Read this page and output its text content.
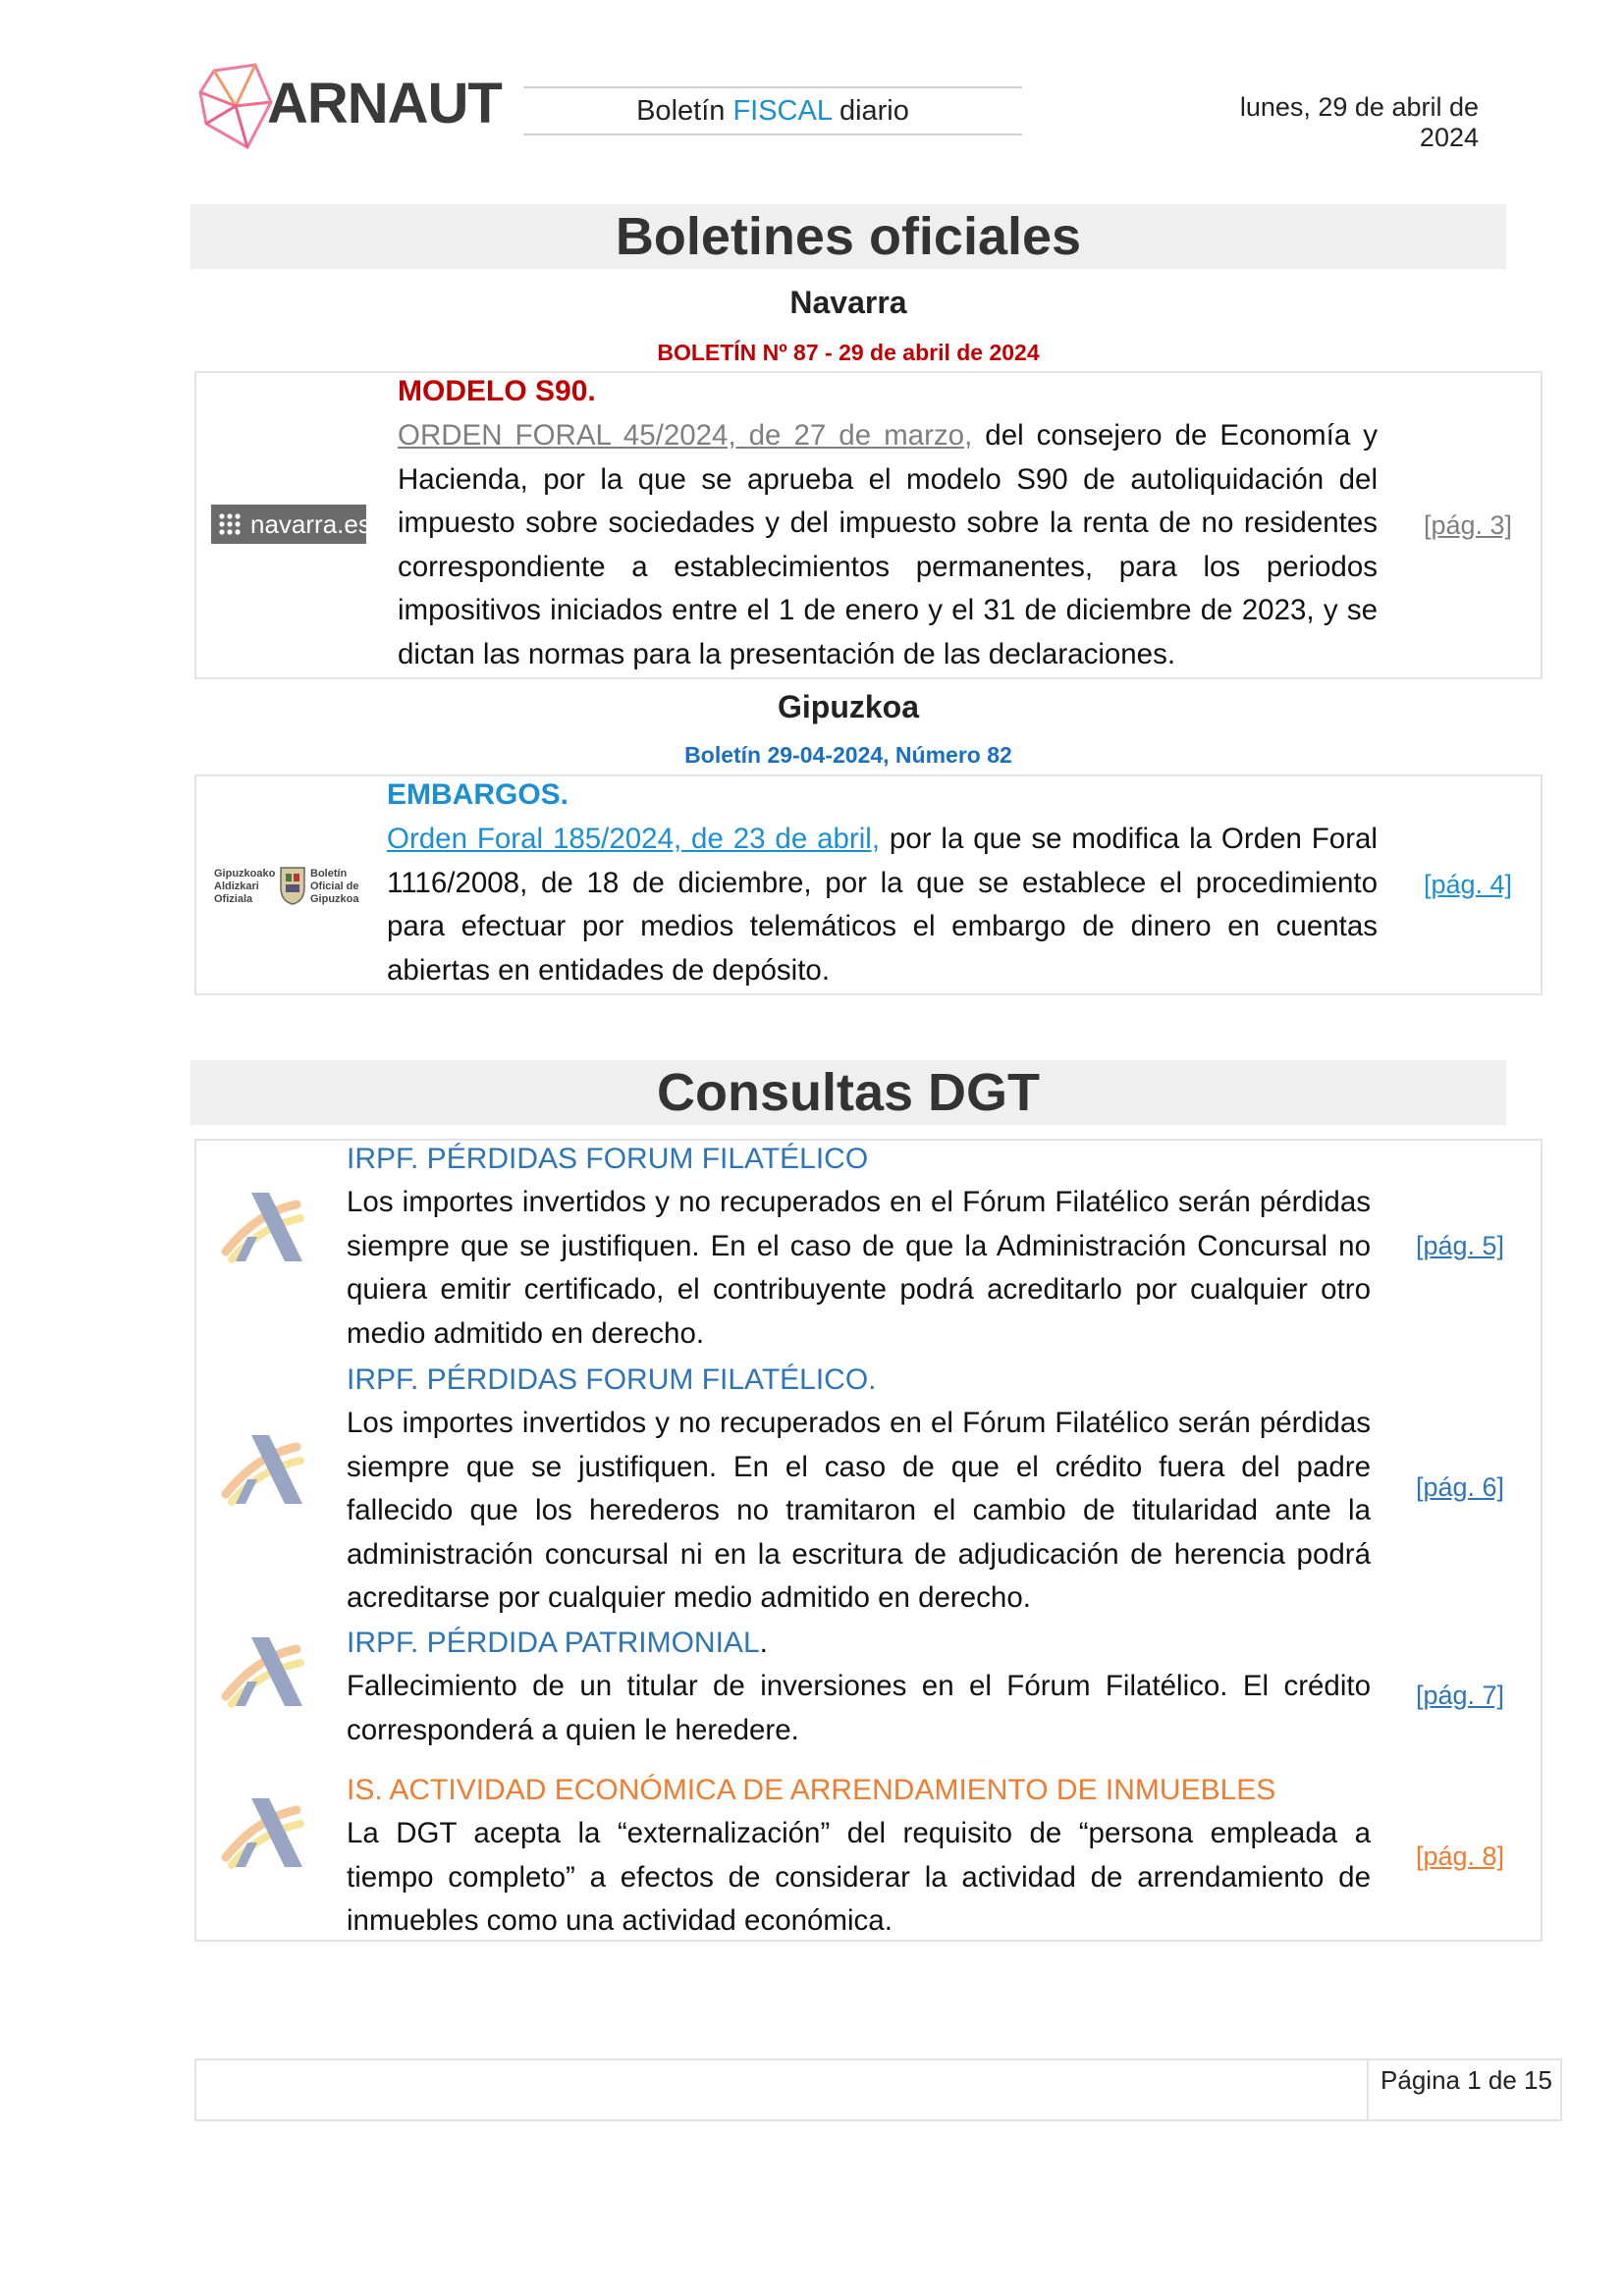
ARNAUT	Boletín FISCAL diario	lunes, 29 de abril de 2024
Boletines oficiales
Navarra
BOLETÍN Nº 87 - 29 de abril de 2024
navarra.es
MODELO S90.
ORDEN FORAL 45/2024, de 27 de marzo, del consejero de Economía y Hacienda, por la que se aprueba el modelo S90 de autoliquidación del impuesto sobre sociedades y del impuesto sobre la renta de no residentes correspondiente a establecimientos permanentes, para los periodos impositivos iniciados entre el 1 de enero y el 31 de diciembre de 2023, y se dictan las normas para la presentación de las declaraciones.
[pág. 3]
Gipuzkoa
Boletín 29-04-2024, Número 82
Gipuzkoako Aldizkari Ofiziala
Boletín Oficial de Gipuzkoa
EMBARGOS.
Orden Foral 185/2024, de 23 de abril, por la que se modifica la Orden Foral 1116/2008, de 18 de diciembre, por la que se establece el procedimiento para efectuar por medios telemáticos el embargo de dinero en cuentas abiertas en entidades de depósito.
[pág. 4]
Consultas DGT
IRPF. PÉRDIDAS FORUM FILATÉLICO
Los importes invertidos y no recuperados en el Fórum Filatélico serán pérdidas siempre que se justifiquen. En el caso de que la Administración Concursal no quiera emitir certificado, el contribuyente podrá acreditarlo por cualquier otro medio admitido en derecho.
[pág. 5]
IRPF. PÉRDIDAS FORUM FILATÉLICO.
Los importes invertidos y no recuperados en el Fórum Filatélico serán pérdidas siempre que se justifiquen. En el caso de que el crédito fuera del padre fallecido que los herederos no tramitaron el cambio de titularidad ante la administración concursal ni en la escritura de adjudicación de herencia podrá acreditarse por cualquier medio admitido en derecho.
[pág. 6]
IRPF. PÉRDIDA PATRIMONIAL.
Fallecimiento de un titular de inversiones en el Fórum Filatélico. El crédito corresponderá a quien le heredere.
[pág. 7]
IS. ACTIVIDAD ECONÓMICA DE ARRENDAMIENTO DE INMUEBLES
La DGT acepta la “externalización” del requisito de “persona empleada a tiempo completo” a efectos de considerar la actividad de arrendamiento de inmuebles como una actividad económica.
[pág. 8]
Página 1 de 15
